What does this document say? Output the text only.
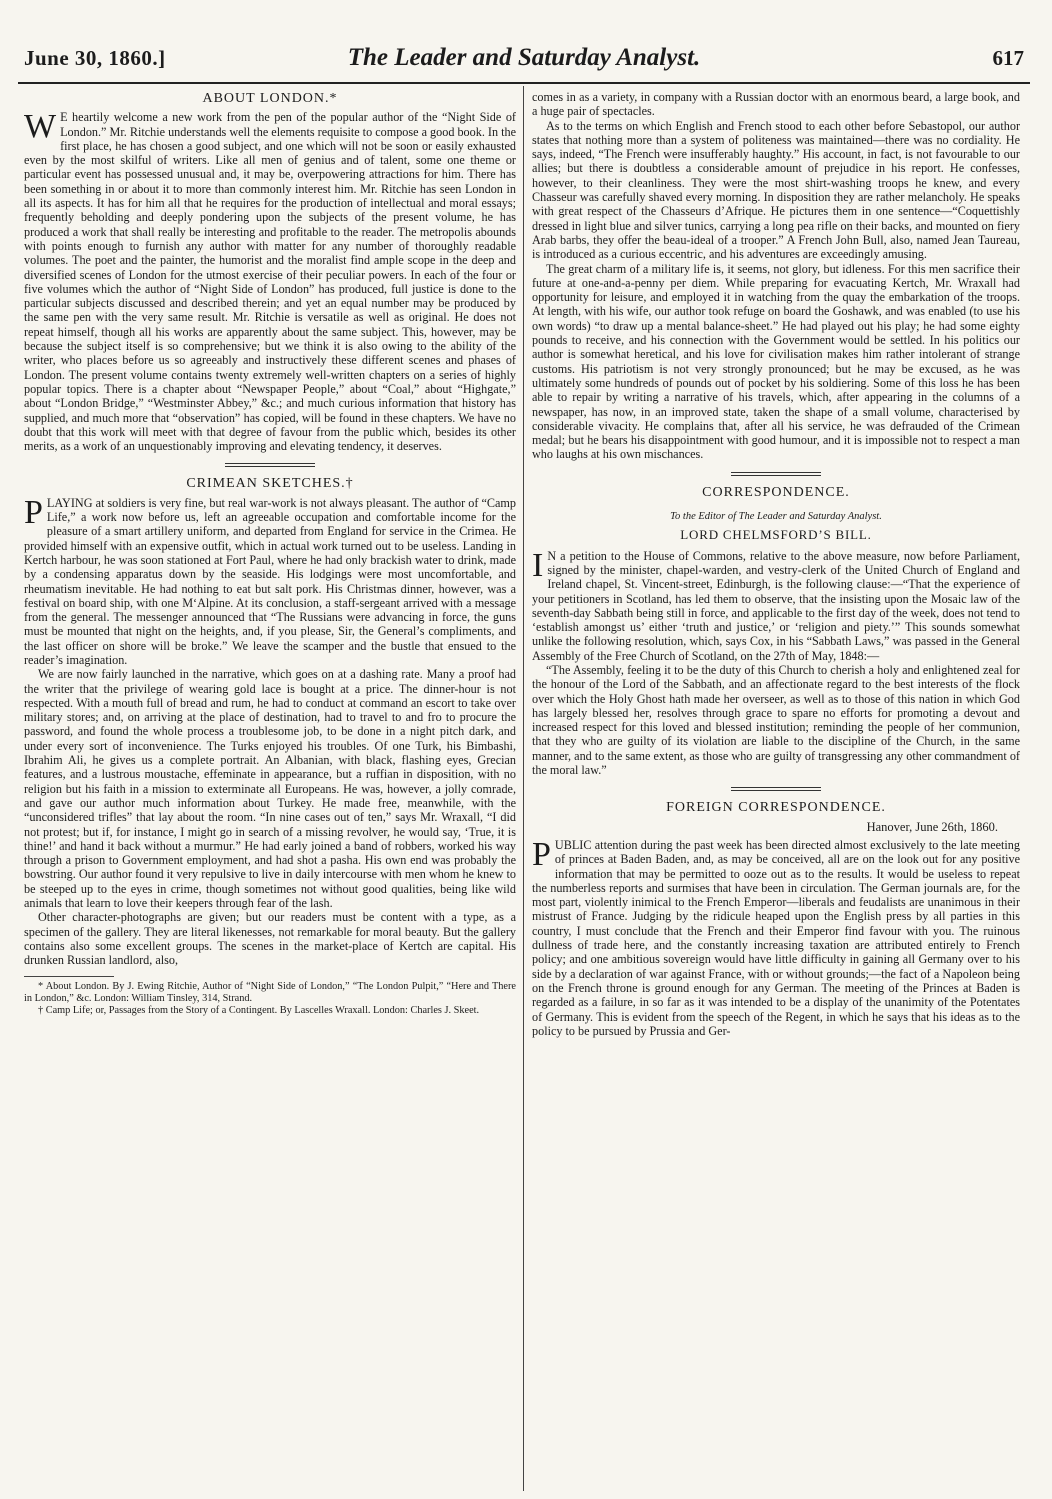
June 30, 1860.]	The Leader and Saturday Analyst.	617
ABOUT LONDON.*

W E heartily welcome a new work from the pen of the popular author of the “Night Side of London.” Mr. Ritchie understands well the elements requisite to compose a good book. In the first place, he has chosen a good subject, and one which will not be soon or easily exhausted even by the most skilful of writers. Like all men of genius and of talent, some one theme or particular event has possessed unusual and, it may be, overpowering attractions for him. There has been something in or about it to more than commonly interest him. Mr. Ritchie has seen London in all its aspects. It has for him all that he requires for the production of intellectual and moral essays; frequently beholding and deeply pondering upon the subjects of the present volume, he has produced a work that shall really be interesting and profitable to the reader. The metropolis abounds with points enough to furnish any author with matter for any number of thoroughly readable volumes. The poet and the painter, the humorist and the moralist find ample scope in the deep and diversified scenes of London for the utmost exercise of their peculiar powers. In each of the four or five volumes which the author of “Night Side of London” has produced, full justice is done to the particular subjects discussed and described therein; and yet an equal number may be produced by the same pen with the very same result. Mr. Ritchie is versatile as well as original. He does not repeat himself, though all his works are apparently about the same subject. This, however, may be because the subject itself is so comprehensive; but we think it is also owing to the ability of the writer, who places before us so agreeably and instructively these different scenes and phases of London. The present volume contains twenty extremely well-written chapters on a series of highly popular topics. There is a chapter about “Newspaper People,” about “Coal,” about “Highgate,” about “London Bridge,” “Westminster Abbey,” &c.; and much curious information that history has supplied, and much more that “observation” has copied, will be found in these chapters. We have no doubt that this work will meet with that degree of favour from the public which, besides its other merits, as a work of an unquestionably improving and elevating tendency, it deserves.

CRIMEAN SKETCHES.†

PLAYING at soldiers is very fine, but real war-work is not always pleasant. The author of “Camp Life,” a work now before us, left an agreeable occupation and comfortable income for the pleasure of a smart artillery uniform, and departed from England for service in the Crimea. He provided himself with an expensive outfit, which in actual work turned out to be useless. Landing in Kertch harbour, he was soon stationed at Fort Paul, where he had only brackish water to drink, made by a condensing apparatus down by the seaside. His lodgings were most uncomfortable, and rheumatism inevitable. He had nothing to eat but salt pork. His Christmas dinner, however, was a festival on board ship, with one M‘Alpine. At its conclusion, a staff-sergeant arrived with a message from the general. The messenger announced that “The Russians were advancing in force, the guns must be mounted that night on the heights, and, if you please, Sir, the General’s compliments, and the last officer on shore will be broke.” We leave the scamper and the bustle that ensued to the reader’s imagination.

We are now fairly launched in the narrative, which goes on at a dashing rate. Many a proof had the writer that the privilege of wearing gold lace is bought at a price. The dinner-hour is not respected. With a mouth full of bread and rum, he had to conduct at command an escort to take over military stores; and, on arriving at the place of destination, had to travel to and fro to procure the password, and found the whole process a troublesome job, to be done in a night pitch dark, and under every sort of inconvenience. The Turks enjoyed his troubles. Of one Turk, his Bimbashi, Ibrahim Ali, he gives us a complete portrait. An Albanian, with black, flashing eyes, Grecian features, and a lustrous moustache, effeminate in appearance, but a ruffian in disposition, with no religion but his faith in a mission to exterminate all Europeans. He was, however, a jolly comrade, and gave our author much information about Turkey. He made free, meanwhile, with the “unconsidered trifles” that lay about the room. “In nine cases out of ten,” says Mr. Wraxall, “I did not protest; but if, for instance, I might go in search of a missing revolver, he would say, ‘True, it is thine!’ and hand it back without a murmur.” He had early joined a band of robbers, worked his way through a prison to Government employment, and had shot a pasha. His own end was probably the bowstring. Our author found it very repulsive to live in daily intercourse with men whom he knew to be steeped up to the eyes in crime, though sometimes not without good qualities, being like wild animals that learn to love their keepers through fear of the lash.

Other character-photographs are given; but our readers must be content with a type, as a specimen of the gallery. They are literal likenesses, not remarkable for moral beauty. But the gallery contains also some excellent groups. The scenes in the market-place of Kertch are capital. His drunken Russian landlord, also,

* About London. By J. Ewing Ritchie, Author of “Night Side of London,” “The London Pulpit,” “Here and There in London,” &c. London: William Tinsley, 314, Strand.

† Camp Life; or, Passages from the Story of a Contingent. By Lascelles Wraxall. London: Charles J. Skeet.

comes in as a variety, in company with a Russian doctor with an enormous beard, a large book, and a huge pair of spectacles.

As to the terms on which English and French stood to each other before Sebastopol, our author states that nothing more than a system of politeness was maintained—there was no cordiality. He says, indeed, “The French were insufferably haughty.” His account, in fact, is not favourable to our allies; but there is doubtless a considerable amount of prejudice in his report. He confesses, however, to their cleanliness. They were the most shirt-washing troops he knew, and every Chasseur was carefully shaved every morning. In disposition they are rather melancholy. He speaks with great respect of the Chasseurs d’Afrique. He pictures them in one sentence—“Coquettishly dressed in light blue and silver tunics, carrying a long pea rifle on their backs, and mounted on fiery Arab barbs, they offer the beau-ideal of a trooper.” A French John Bull, also, named Jean Taureau, is introduced as a curious eccentric, and his adventures are exceedingly amusing.

The great charm of a military life is, it seems, not glory, but idleness. For this men sacrifice their future at one-and-a-penny per diem. While preparing for evacuating Kertch, Mr. Wraxall had opportunity for leisure, and employed it in watching from the quay the embarkation of the troops. At length, with his wife, our author took refuge on board the Goshawk, and was enabled (to use his own words) “to draw up a mental balance-sheet.” He had played out his play; he had some eighty pounds to receive, and his connection with the Government would be settled. In his politics our author is somewhat heretical, and his love for civilisation makes him rather intolerant of strange customs. His patriotism is not very strongly pronounced; but he may be excused, as he was ultimately some hundreds of pounds out of pocket by his soldiering. Some of this loss he has been able to repair by writing a narrative of his travels, which, after appearing in the columns of a newspaper, has now, in an improved state, taken the shape of a small volume, characterised by considerable vivacity. He complains that, after all his service, he was defrauded of the Crimean medal; but he bears his disappointment with good humour, and it is impossible not to respect a man who laughs at his own mischances.

CORRESPONDENCE.
To the Editor of The Leader and Saturday Analyst.
LORD CHELMSFORD’S BILL.

I N a petition to the House of Commons, relative to the above measure, now before Parliament, signed by the minister, chapel-warden, and vestry-clerk of the United Church of England and Ireland chapel, St. Vincent-street, Edinburgh, is the following clause:—“That the experience of your petitioners in Scotland, has led them to observe, that the insisting upon the Mosaic law of the seventh-day Sabbath being still in force, and applicable to the first day of the week, does not tend to ‘establish amongst us’ either ‘truth and justice,’ or ‘religion and piety.’” This sounds somewhat unlike the following resolution, which, says Cox, in his “Sabbath Laws,” was passed in the General Assembly of the Free Church of Scotland, on the 27th of May, 1848:—

“The Assembly, feeling it to be the duty of this Church to cherish a holy and enlightened zeal for the honour of the Lord of the Sabbath, and an affectionate regard to the best interests of the flock over which the Holy Ghost hath made her overseer, as well as to those of this nation in which God has largely blessed her, resolves through grace to spare no efforts for promoting a devout and increased respect for this loved and blessed institution; reminding the people of her communion, that they who are guilty of its violation are liable to the discipline of the Church, in the same manner, and to the same extent, as those who are guilty of transgressing any other commandment of the moral law.”

FOREIGN CORRESPONDENCE.
Hanover, June 26th, 1860.

PUBLIC attention during the past week has been directed almost exclusively to the late meeting of princes at Baden Baden, and, as may be conceived, all are on the look out for any positive information that may be permitted to ooze out as to the results. It would be useless to repeat the numberless reports and surmises that have been in circulation. The German journals are, for the most part, violently inimical to the French Emperor—liberals and feudalists are unanimous in their mistrust of France. Judging by the ridicule heaped upon the English press by all parties in this country, I must conclude that the French and their Emperor find favour with you. The ruinous dullness of trade here, and the constantly increasing taxation are attributed entirely to French policy; and one ambitious sovereign would have little difficulty in gaining all Germany over to his side by a declaration of war against France, with or without grounds;—the fact of a Napoleon being on the French throne is ground enough for any German. The meeting of the Princes at Baden is regarded as a failure, in so far as it was intended to be a display of the unanimity of the Potentates of Germany. This is evident from the speech of the Regent, in which he says that his ideas as to the policy to be pursued by Prussia and Ger-
